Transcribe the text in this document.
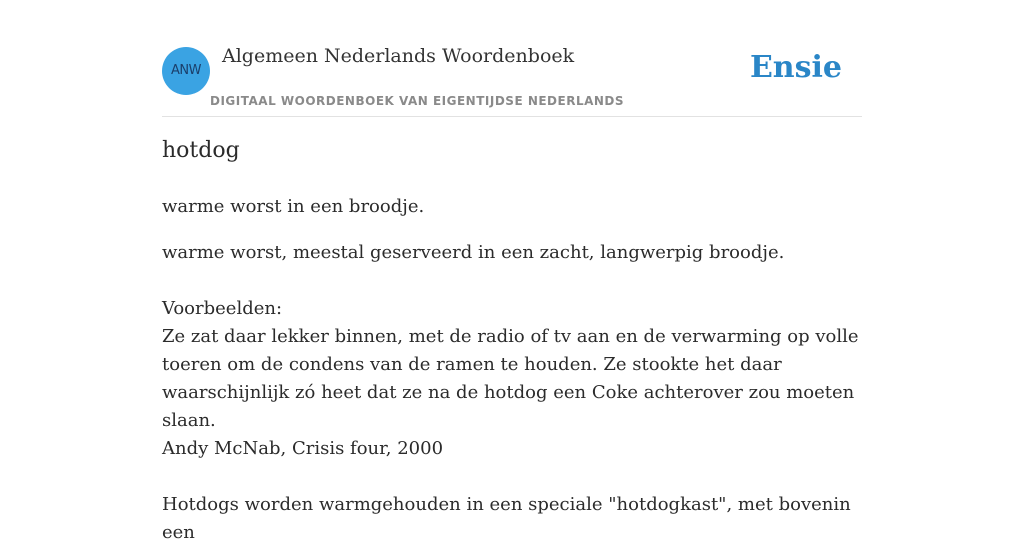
ANW
Algemeen Nederlands Woordenboek
DIGITAAL WOORDENBOEK VAN EIGENTIJDSE NEDERLANDS
Ensie
hotdog
warme worst in een broodje.

warme worst, meestal geserveerd in een zacht, langwerpig broodje.

Voorbeelden:

Ze zat daar lekker binnen, met de radio of tv aan en de verwarming op volle toeren om de condens van de ramen te houden. Ze stookte het daar waarschijnlijk zó heet dat ze na de hotdog een Coke achterover zou moeten slaan.

Andy McNab, Crisis four, 2000

Hotdogs worden warmgehouden in een speciale "hotdogkast", met bovenin een
